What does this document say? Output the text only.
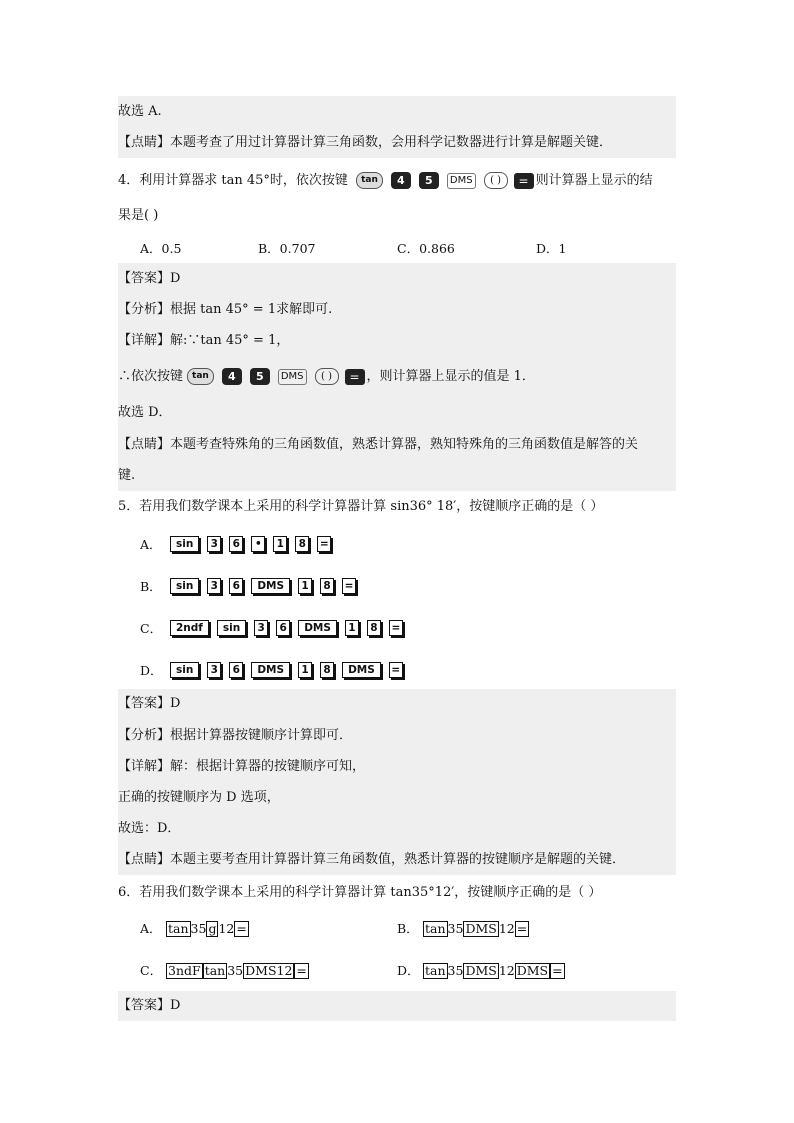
故选 A.
【点睛】本题考查了用过计算器计算三角函数，会用科学记数器进行计算是解题关键．
4．利用计算器求 tan 45°时，依次按键 tan 4 5 DMS ( ) = 则计算器上显示的结
果是( )
A．0.5	B．0.707	C．0.866	D．1
【答案】D
【分析】根据 tan 45° = 1求解即可.
【详解】解:∵tan 45° = 1，
∴依次按键 tan 4 5 DMS ( ) = ，则计算器上显示的值是 1．
故选 D．
【点睛】本题考查特殊角的三角函数值，熟悉计算器，熟知特殊角的三角函数值是解答的关
键.
5．若用我们数学课本上采用的科学计算器计算 sin36° 18′，按键顺序正确的是（ ）
A．	sin	3	6	•	1	8	=
B．	sin	3	6	DMS	1	8	=
C．	2ndf	sin	3	6	DMS	1	8	=
D．	sin	3	6	DMS	1	8	DMS	=
【答案】D
【分析】根据计算器按键顺序计算即可．
【详解】解：根据计算器的按键顺序可知，
正确的按键顺序为 D 选项，
故选：D．
【点睛】本题主要考查用计算器计算三角函数值，熟悉计算器的按键顺序是解题的关键．
6．若用我们数学课本上采用的科学计算器计算 tan35°12′，按键顺序正确的是（ ）
A． tan 35 g 12 =	B． tan 35 DMS 12 =
C． 3ndF tan 35 DMS12 =	D． tan 35 DMS 12 DMS =
【答案】D
